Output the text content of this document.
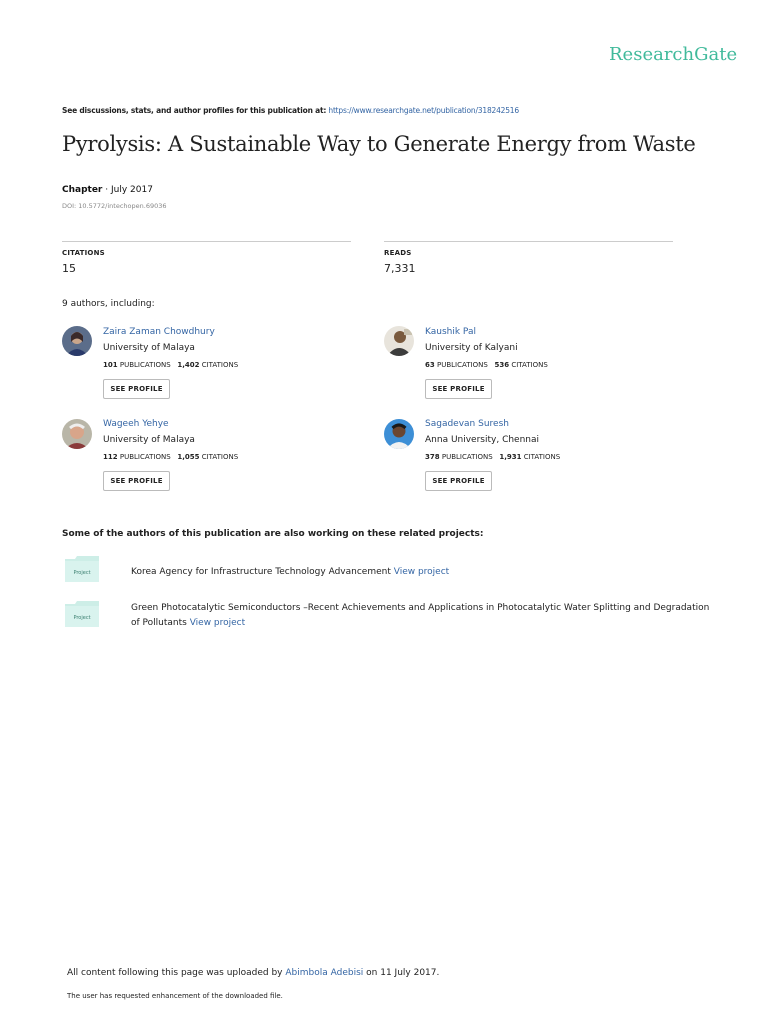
ResearchGate
See discussions, stats, and author profiles for this publication at: https://www.researchgate.net/publication/318242516
Pyrolysis: A Sustainable Way to Generate Energy from Waste
Chapter · July 2017
DOI: 10.5772/intechopen.69036
CITATIONS
15
READS
7,331
9 authors, including:
Zaira Zaman Chowdhury
University of Malaya
101 PUBLICATIONS 1,402 CITATIONS
SEE PROFILE
Kaushik Pal
University of Kalyani
63 PUBLICATIONS 536 CITATIONS
SEE PROFILE
Wageeh Yehye
University of Malaya
112 PUBLICATIONS 1,055 CITATIONS
SEE PROFILE
Sagadevan Suresh
Anna University, Chennai
378 PUBLICATIONS 1,931 CITATIONS
SEE PROFILE
Some of the authors of this publication are also working on these related projects:
Project	Korea Agency for Infrastructure Technology Advancement View project
Project
Green Photocatalytic Semiconductors –Recent Achievements and Applications in Photocatalytic Water Splitting and Degradation of Pollutants View project
All content following this page was uploaded by Abimbola Adebisi on 11 July 2017.
The user has requested enhancement of the downloaded file.
